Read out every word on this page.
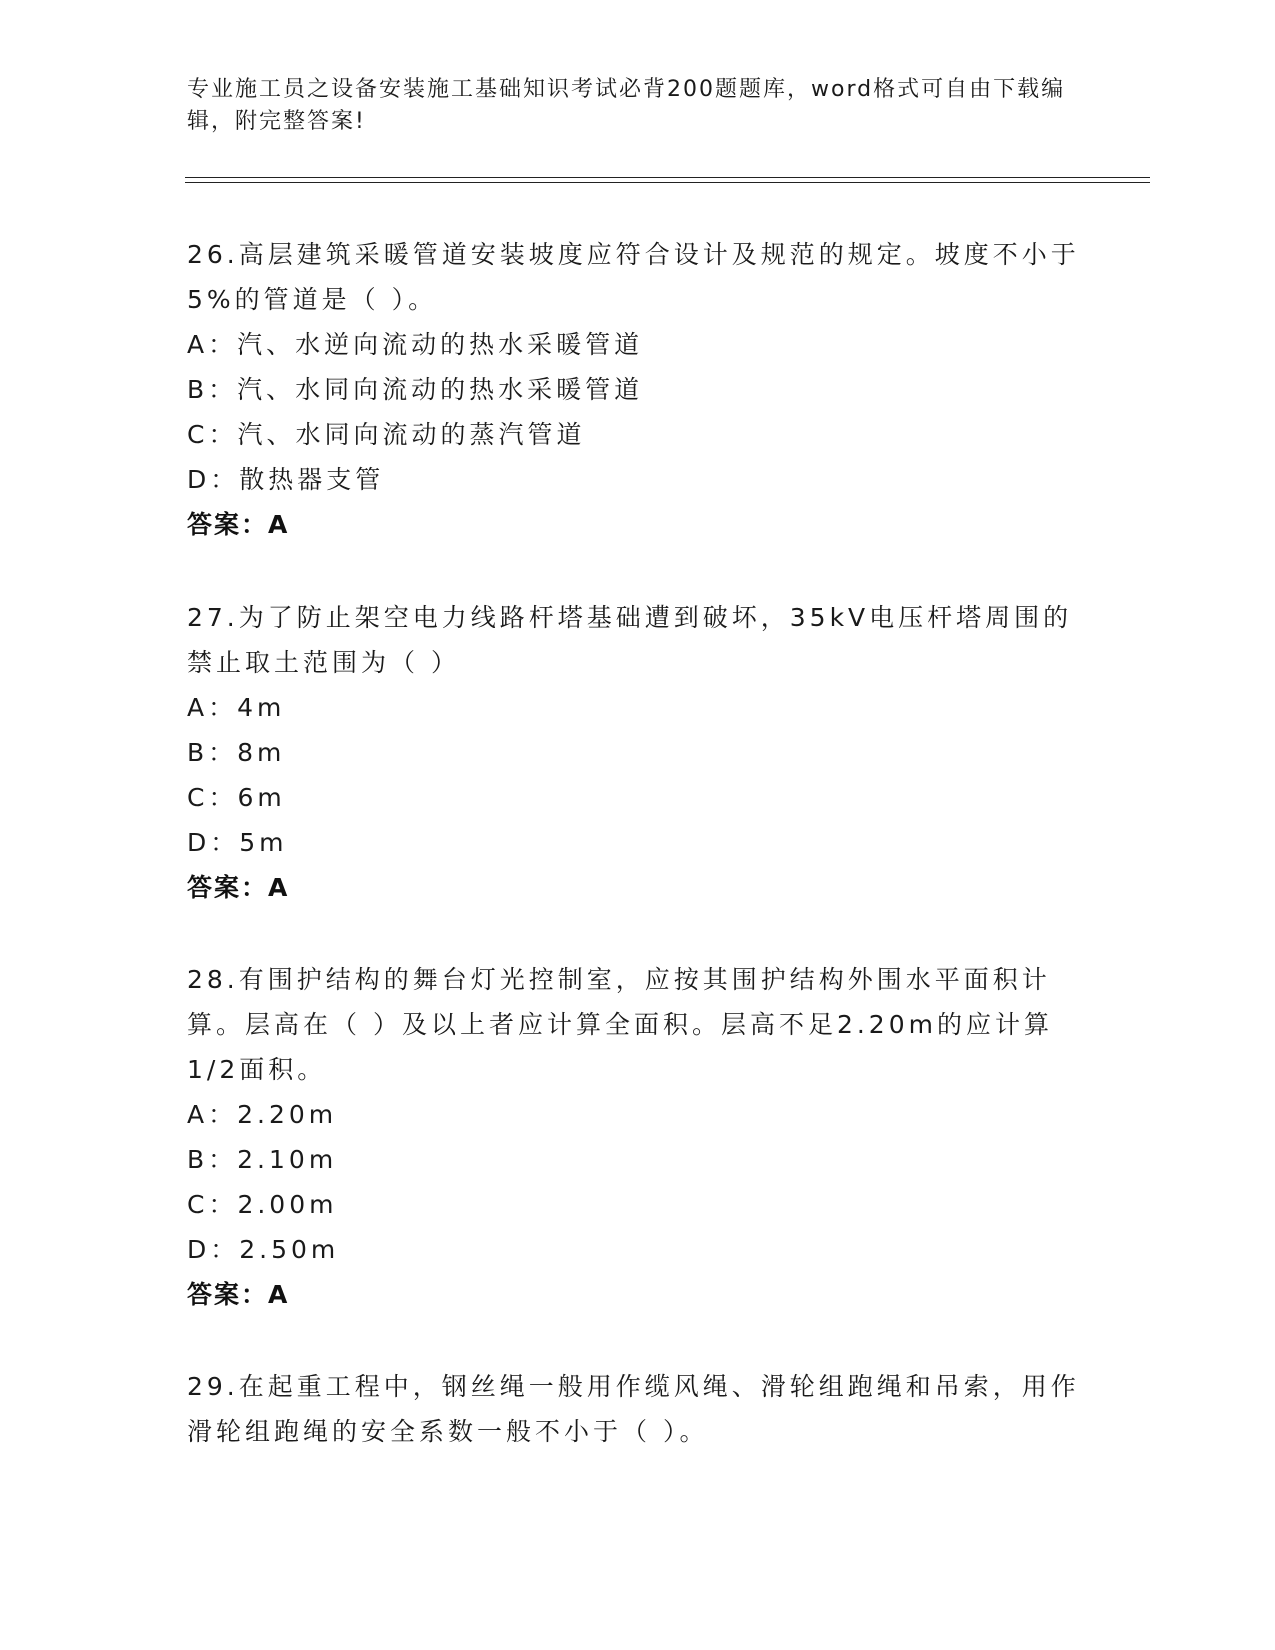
专业施工员之设备安装施工基础知识考试必背200题题库，word格式可自由下载编辑，附完整答案!

26.高层建筑采暖管道安装坡度应符合设计及规范的规定。坡度不小于5%的管道是（ ）。

A：汽、水逆向流动的热水采暖管道

B：汽、水同向流动的热水采暖管道

C：汽、水同向流动的蒸汽管道

D：散热器支管

答案：A

27.为了防止架空电力线路杆塔基础遭到破坏，35kV电压杆塔周围的禁止取土范围为（ ）

A：4m

B：8m

C：6m

D：5m

答案：A

28.有围护结构的舞台灯光控制室，应按其围护结构外围水平面积计算。层高在（ ）及以上者应计算全面积。层高不足2.20m的应计算1/2面积。

A：2.20m

B：2.10m

C：2.00m

D：2.50m

答案：A

29.在起重工程中，钢丝绳一般用作缆风绳、滑轮组跑绳和吊索，用作滑轮组跑绳的安全系数一般不小于（ ）。
